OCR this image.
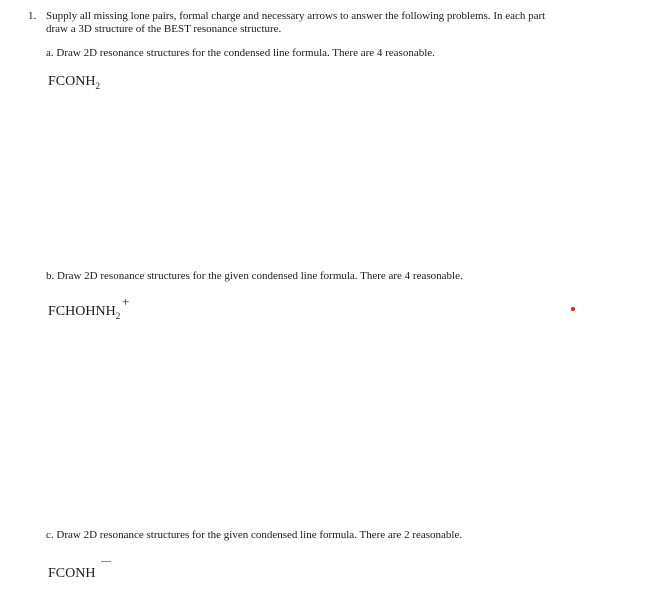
1. Supply all missing lone pairs, formal charge and necessary arrows to answer the following problems. In each part
draw a 3D structure of the BEST resonance structure.
a. Draw 2D resonance structures for the condensed line formula. There are 4 reasonable.
$FCONH_2$
b. Draw 2D resonance structures for the given condensed line formula. There are 4 reasonable.
$FCHOHNH_2$
+
c. Draw 2D resonance structures for the given condensed line formula. There are 2 reasonable.
FCONH
—
